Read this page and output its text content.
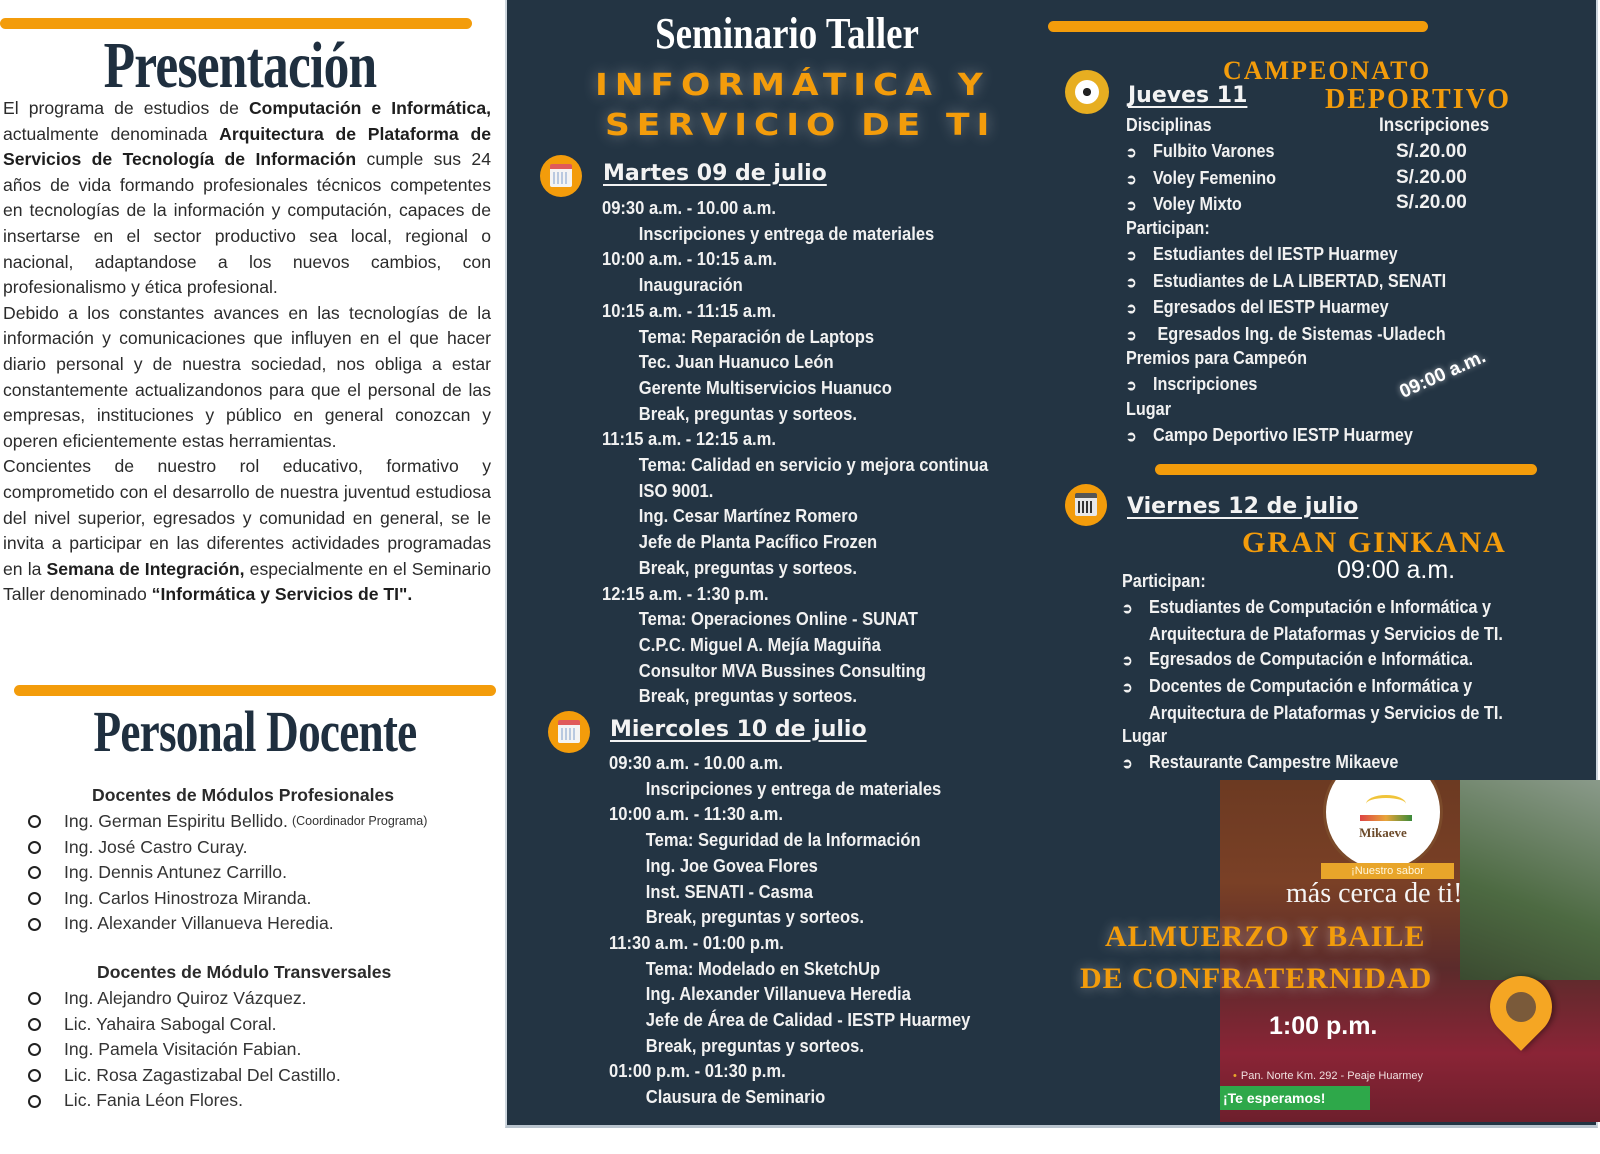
Presentación

El programa de estudios de Computación e Informática, actualmente denominada Arquitectura de Plataforma de Servicios de Tecnología de Información cumple sus 24 años de vida formando profesionales técnicos competentes en tecnologías de la información y computación, capaces de insertarse en el sector productivo sea local, regional o nacional, adaptandose a los nuevos cambios, con profesionalismo y ética profesional.

Debido a los constantes avances en las tecnologías de la información y comunicaciones que influyen en el que hacer diario personal y de nuestra sociedad, nos obliga a estar constantemente actualizandonos para que el personal de las empresas, instituciones y público en general conozcan y operen eficientemente estas herramientas.

Concientes de nuestro rol educativo, formativo y comprometido con el desarrollo de nuestra juventud estudiosa del nivel superior, egresados y comunidad en general, se le invita a participar en las diferentes actividades programadas en la Semana de Integración, especialmente en el Seminario Taller denominado “Informática y Servicios de TI".

Personal Docente
Docentes de Módulos Profesionales
Ing. German Espiritu Bellido. (Coordinador Programa)
Ing. José Castro Curay.
Ing. Dennis Antunez Carrillo.
Ing. Carlos Hinostroza Miranda.
Ing. Alexander Villanueva Heredia.
Docentes de Módulo Transversales
Ing. Alejandro Quiroz Vázquez.
Lic. Yahaira Sabogal Coral.
Ing. Pamela Visitación Fabian.
Lic. Rosa Zagastizabal Del Castillo.
Lic. Fania Léon Flores.
Seminario Taller
INFORMÁTICA Y
SERVICIO DE TI
Martes 09 de julio
09:30 a.m. - 10.00 a.m.
Inscripciones y entrega de materiales
10:00 a.m. - 10:15 a.m.
Inauguración
10:15 a.m. - 11:15 a.m.
Tema: Reparación de Laptops
Tec. Juan Huanuco León
Gerente Multiservicios Huanuco
Break, preguntas y sorteos.
11:15 a.m. - 12:15 a.m.
Tema: Calidad en servicio y mejora continua
ISO 9001.
Ing. Cesar Martínez Romero
Jefe de Planta Pacífico Frozen
Break, preguntas y sorteos.
12:15 a.m. - 1:30 p.m.
Tema: Operaciones Online - SUNAT
C.P.C. Miguel A. Mejía Maguiña
Consultor MVA Bussines Consulting
Break, preguntas y sorteos.
Miercoles 10 de julio
09:30 a.m. - 10.00 a.m.
Inscripciones y entrega de materiales
10:00 a.m. - 11:30 a.m.
Tema: Seguridad de la Información
Ing. Joe Govea Flores
Inst. SENATI - Casma
Break, preguntas y sorteos.
11:30 a.m. - 01:00 p.m.
Tema: Modelado en SketchUp
Ing. Alexander Villanueva Heredia
Jefe de Área de Calidad - IESTP Huarmey
Break, preguntas y sorteos.
01:00 p.m. - 01:30 p.m.
Clausura de Seminario
CAMPEONATO
DEPORTIVO
Jueves 11
Disciplinas	Inscripciones
➲ Fulbito Varones
➲ Voley Femenino
➲ Voley Mixto
S/.20.00
S/.20.00
S/.20.00
Participan:
➲ Estudiantes del IESTP Huarmey
➲ Estudiantes de LA LIBERTAD, SENATI
➲ Egresados del IESTP Huarmey
➲ Egresados Ing. de Sistemas -Uladech
Premios para Campeón
➲ Inscripciones
Lugar
➲ Campo Deportivo IESTP Huarmey
09:00 a.m.
Viernes 12 de julio
GRAN GINKANA
09:00 a.m.
Participan:
➲ Estudiantes de Computación e Informática y
Arquitectura de Plataformas y Servicios de TI.
➲ Egresados de Computación e Informática.
➲ Docentes de Computación e Informática y
Arquitectura de Plataformas y Servicios de TI.
Lugar
➲ Restaurante Campestre Mikaeve
Mikaeve
¡Nuestro sabor
más cerca de ti!
• Pan. Norte Km. 292 - Peaje Huarmey
¡Te esperamos!
ALMUERZO Y BAILE
DE CONFRATERNIDAD
1:00 p.m.
